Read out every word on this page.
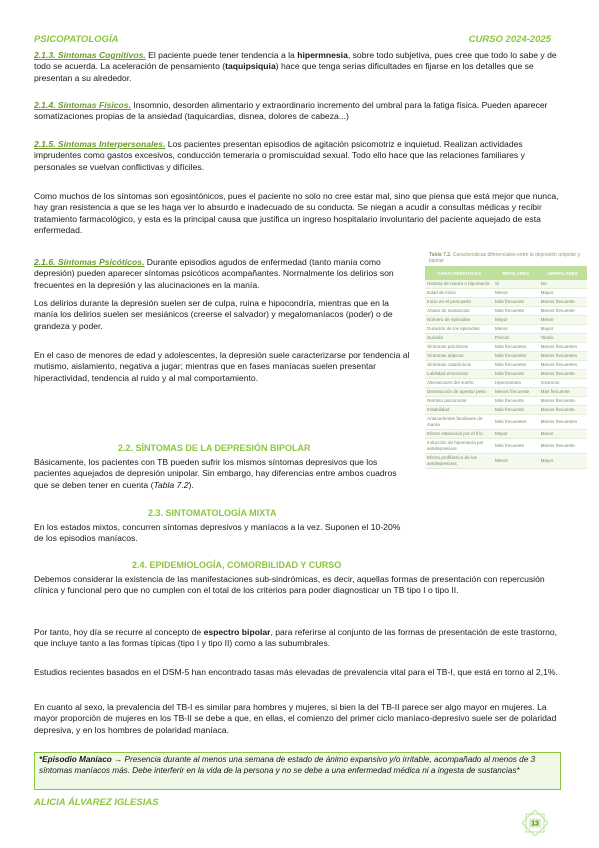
PSICOPATOLOGÍA	CURSO 2024-2025

2.1.3. Síntomas Cognitivos. El paciente puede tener tendencia a la hipermnesia, sobre todo subjetiva, pues cree que todo lo sabe y de todo se acuerda. La aceleración de pensamiento (taquipsiquia) hace que tenga serias dificultades en fijarse en los detalles que se presentan a su alrededor.

2.1.4. Síntomas Físicos. Insomnio, desorden alimentario y extraordinario incremento del umbral para la fatiga física. Pueden aparecer somatizaciones propias de la ansiedad (taquicardias, disnea, dolores de cabeza...)

2.1.5. Síntomas Interpersonales. Los pacientes presentan episodios de agitación psicomotriz e inquietud. Realizan actividades imprudentes como gastos excesivos, conducción temeraria o promiscuidad sexual. Todo ello hace que las relaciones familiares y personales se vuelvan conflictivas y difíciles.

Como muchos de los síntomas son egosintónicos, pues el paciente no solo no cree estar mal, sino que piensa que está mejor que nunca, hay gran resistencia a que se les haga ver lo absurdo e inadecuado de su conducta. Se niegan a acudir a consultas médicas y recibir tratamiento farmacológico, y esta es la principal causa que justifica un ingreso hospitalario involuntario del paciente aquejado de esta enfermedad.

2.1.6. Síntomas Psicóticos. Durante episodios agudos de enfermedad (tanto manía como depresión) pueden aparecer síntomas psicóticos acompañantes. Normalmente los delirios son frecuentes en la depresión y las alucinaciones en la manía.

Los delirios durante la depresión suelen ser de culpa, ruina e hipocondría, mientras que en la manía los delirios suelen ser mesiánicos (creerse el salvador) y megalomaníacos (poder) o de grandeza y poder.

En el caso de menores de edad y adolescentes, la depresión suele caracterizarse por tendencia al mutismo, aislamiento, negativa a jugar; mientras que en fases maníacas suelen presentar hiperactividad, tendencia al ruido y al mal comportamiento.

2.2. SÍNTOMAS DE LA DEPRESIÓN BIPOLAR

Básicamente, los pacientes con TB pueden sufrir los mismos síntomas depresivos que los pacientes aquejados de depresión unipolar. Sin embargo, hay diferencias entre ambos cuadros que se deben tener en cuenta (Tabla 7.2).

2.3. SINTOMATOLOGÍA MIXTA

En los estados mixtos, concurren síntomas depresivos y maníacos a la vez. Suponen el 10-20% de los episodios maníacos.

2.4. EPIDEMIOLOGÍA, COMORBILIDAD Y CURSO

Debemos considerar la existencia de las manifestaciones sub-sindrómicas, es decir, aquellas formas de presentación con repercusión clínica y funcional pero que no cumplen con el total de los criterios para poder diagnosticar un TB tipo I o tipo II.

Por tanto, hoy día se recurre al concepto de espectro bipolar, para referirse al conjunto de las formas de presentación de este trastorno, que incluye tanto a las formas típicas (tipo I y tipo II) como a las subumbrales.

Estudios recientes basados en el DSM-5 han encontrado tasas más elevadas de prevalencia vital para el TB-I, que está en torno al 2,1%.

En cuanto al sexo, la prevalencia del TB-I es similar para hombres y mujeres, si bien la del TB-II parece ser algo mayor en mujeres. La mayor proporción de mujeres en los TB-II se debe a que, en ellas, el comienzo del primer ciclo maníaco-depresivo suele ser de polaridad depresiva, y en los hombres de polaridad maníaca.

Tabla 7.2. Características diferenciales entre la depresión unipolar y bipolar
CARACTERÍSTICAS	BIPOLARES	UNIPOLARES
Historia de manía o hipomanía	Sí	No
Edad de inicio	Menor	Mayor
Inicio en el post-parto	Más frecuente	Menos frecuente
Abuso de sustancias	Más frecuente	Menos frecuente
Número de episodios	Mayor	Menor
Duración de los episodios	Menor	Mayor
Suicidio	Precoz	Tardío
Síntomas psicóticos	Más frecuentes	Menos frecuentes
Síntomas atípicos	Más frecuentes	Menos frecuentes
Síntomas catatónicos	Más frecuentes	Menos frecuentes
Labilidad emocional	Más frecuente	Menos frecuente
Alteraciones del sueño	Hipersomnia	Insomnio
Disminución de apetito/ peso	Menos frecuente	Más frecuente
Retraso psicomotor	Más frecuente	Menos frecuente
Irritabilidad	Más frecuente	Menos frecuente
Antecedentes familiares de manía	Más frecuentes	Menos frecuentes
Efecto estacional por el frío	Mayor	Menor
Inducción de hipomanía por antidepresivos	Más frecuente	Menos frecuente
Efecto profiláctico de los antidepresivos	Menor	Mayor
*Episodio Maníaco → Presencia durante al menos una semana de estado de ánimo expansivo y/o irritable, acompañado al menos de 3 síntomas maníacos más. Debe interferir en la vida de la persona y no se debe a una enfermedad médica ni a ingesta de sustancias*
ALICIA ÁLVAREZ IGLESIAS
13
